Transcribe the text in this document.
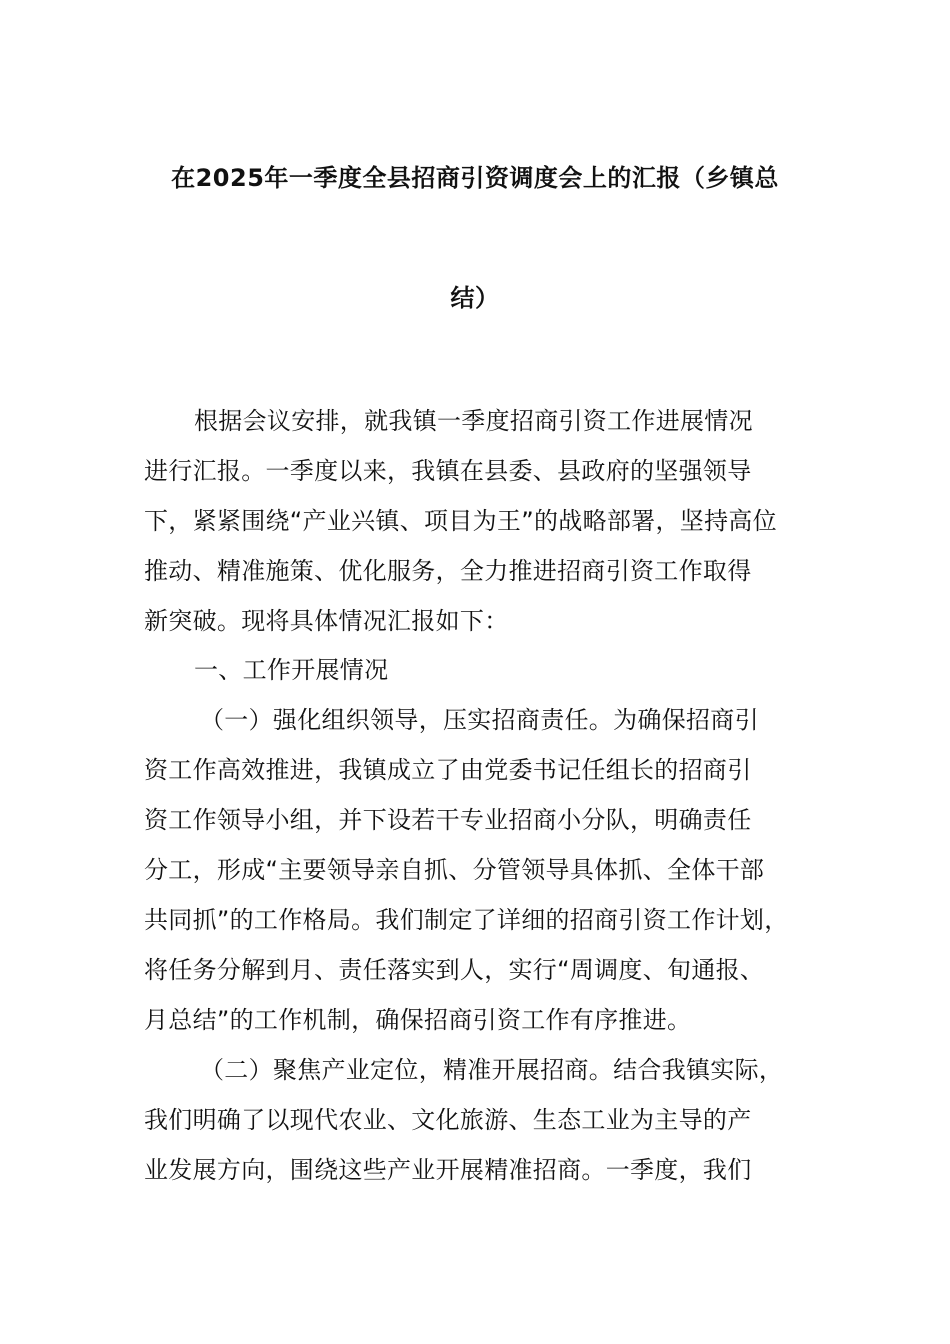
在2025年一季度全县招商引资调度会上的汇报（乡镇总
结）
根据会议安排，就我镇一季度招商引资工作进展情况
进行汇报。一季度以来，我镇在县委、县政府的坚强领导
下，紧紧围绕“产业兴镇、项目为王”的战略部署，坚持高位
推动、精准施策、优化服务，全力推进招商引资工作取得
新突破。现将具体情况汇报如下：
一、工作开展情况
（一）强化组织领导，压实招商责任。为确保招商引
资工作高效推进，我镇成立了由党委书记任组长的招商引
资工作领导小组，并下设若干专业招商小分队，明确责任
分工，形成“主要领导亲自抓、分管领导具体抓、全体干部
共同抓”的工作格局。我们制定了详细的招商引资工作计划，
将任务分解到月、责任落实到人，实行“周调度、旬通报、
月总结”的工作机制，确保招商引资工作有序推进。
（二）聚焦产业定位，精准开展招商。结合我镇实际，
我们明确了以现代农业、文化旅游、生态工业为主导的产
业发展方向，围绕这些产业开展精准招商。一季度，我们
